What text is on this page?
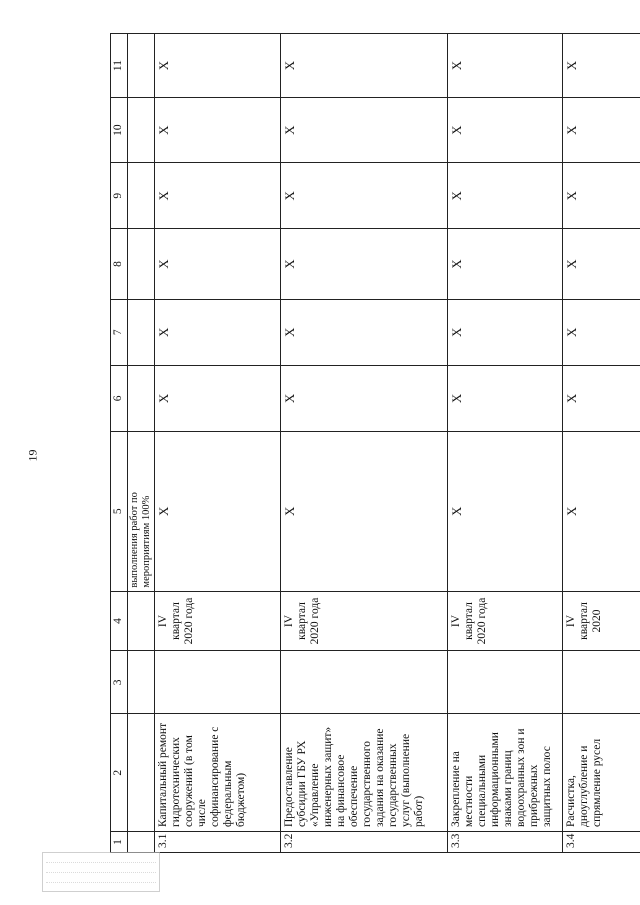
19
1	2	3	4	5	6	7	8	9	10	11
				выполнения работ по мероприятиям 100%						
3.1	Капитальный ремонт гидротехнических сооружений (в том числе софинансирование с федеральным бюджетом)		IV квартал 2020 года	X	X	X	X	X	X	X
3.2	Предоставление субсидии ГБУ РХ «Управление инженерных защит» на финансовое обеспечение государственного задания на оказание государственных услуг (выполнение работ)		IV квартал 2020 года	X	X	X	X	X	X	X
3.3	Закрепление на местности специальными информационными знаками границ водоохранных зон и прибрежных защитных полос		IV квартал 2020 года	X	X	X	X	X	X	X
3.4	Расчистка, дноуглубление и спрямление русел		IV квартал 2020	X	X	X	X	X	X	X
